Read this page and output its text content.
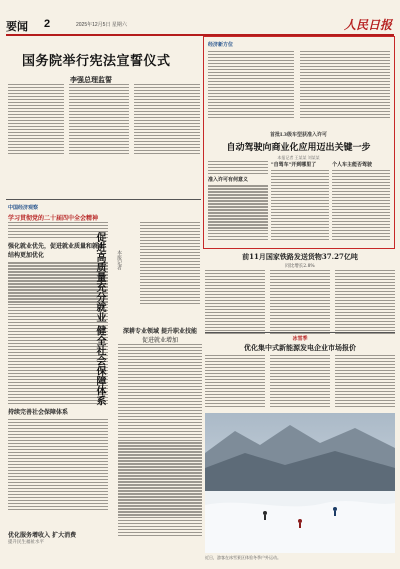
要闻 2	2025年12月5日 星期六	人民日报
国务院举行宪法宣誓仪式
李强总理监誓
中国经济观察
学习贯彻党的二十届四中全会精神
强化就业优先，促进就业质量和就业结构更加优化
持续完善社会保障体系
促进高质量充分就业 健全社会保障体系 本报记者
深耕专业领域 提升职业技能
促进就业增加
优化服务增收入 扩大消费
提升民生福祉水平
经济新方位
首批L3级车型获准入许可
自动驾驶向商业化应用迈出关键一步
本报记者 王某某 刘某某
准入许可有何意义
"自驾车"开到哪里了	个人车主能否驾驶
前11月国家铁路发送货物37.27亿吨
同比增长2.8%
冰雪季
优化集中式新能源发电企业市场报价
近日，游客在冰雪景区体验冬季户外运动。
